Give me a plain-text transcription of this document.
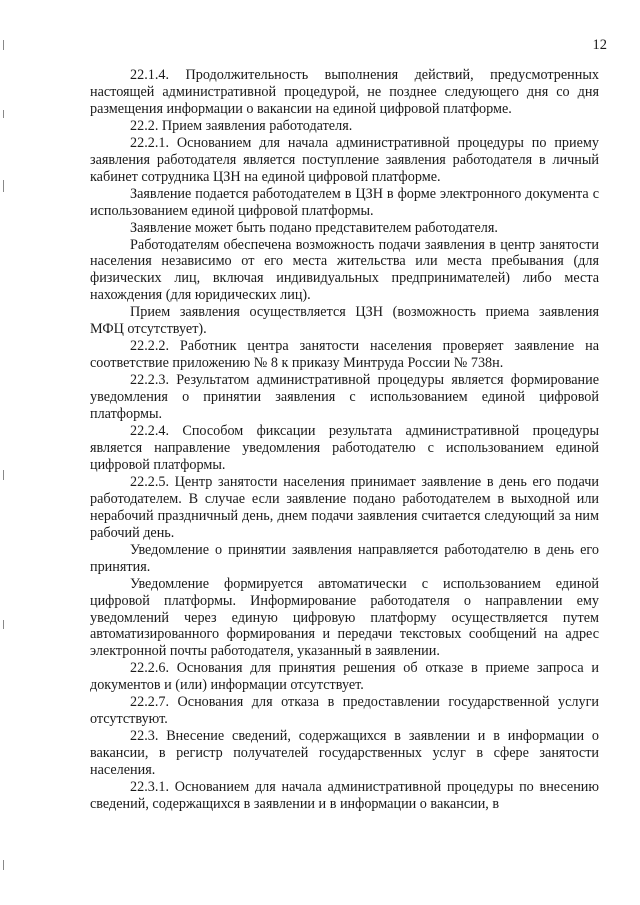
12

22.1.4. Продолжительность выполнения действий, предусмотренных настоящей административной процедурой, не позднее следующего дня со дня размещения информации о вакансии на единой цифровой платформе.

22.2. Прием заявления работодателя.

22.2.1. Основанием для начала административной процедуры по приему заявления работодателя является поступление заявления работодателя в личный кабинет сотрудника ЦЗН на единой цифровой платформе.

Заявление подается работодателем в ЦЗН в форме электронного документа с использованием единой цифровой платформы.

Заявление может быть подано представителем работодателя.

Работодателям обеспечена возможность подачи заявления в центр занятости населения независимо от его места жительства или места пребывания (для физических лиц, включая индивидуальных предпринимателей) либо места нахождения (для юридических лиц).

Прием заявления осуществляется ЦЗН (возможность приема заявления МФЦ отсутствует).

22.2.2. Работник центра занятости населения проверяет заявление на соответствие приложению № 8 к приказу Минтруда России № 738н.

22.2.3. Результатом административной процедуры является формирование уведомления о принятии заявления с использованием единой цифровой платформы.

22.2.4. Способом фиксации результата административной процедуры является направление уведомления работодателю с использованием единой цифровой платформы.

22.2.5. Центр занятости населения принимает заявление в день его подачи работодателем. В случае если заявление подано работодателем в выходной или нерабочий праздничный день, днем подачи заявления считается следующий за ним рабочий день.

Уведомление о принятии заявления направляется работодателю в день его принятия.

Уведомление формируется автоматически с использованием единой цифровой платформы. Информирование работодателя о направлении ему уведомлений через единую цифровую платформу осуществляется путем автоматизированного формирования и передачи текстовых сообщений на адрес электронной почты работодателя, указанный в заявлении.

22.2.6. Основания для принятия решения об отказе в приеме запроса и документов и (или) информации отсутствует.

22.2.7. Основания для отказа в предоставлении государственной услуги отсутствуют.

22.3. Внесение сведений, содержащихся в заявлении и в информации о вакансии, в регистр получателей государственных услуг в сфере занятости населения.

22.3.1. Основанием для начала административной процедуры по внесению сведений, содержащихся в заявлении и в информации о вакансии, в
